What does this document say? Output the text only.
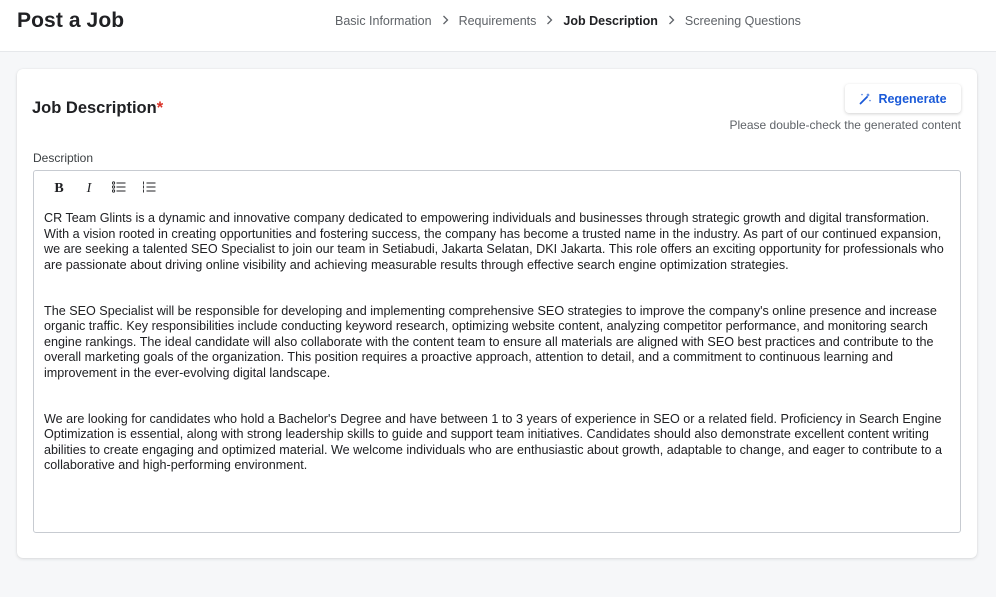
Post a Job	Basic Information Requirements Job Description Screening Questions
Job Description*
Regenerate
Please double-check the generated content
Description
B I

CR Team Glints is a dynamic and innovative company dedicated to empowering individuals and businesses through strategic growth and digital transformation. With a vision rooted in creating opportunities and fostering success, the company has become a trusted name in the industry. As part of our continued expansion, we are seeking a talented SEO Specialist to join our team in Setiabudi, Jakarta Selatan, DKI Jakarta. This role offers an exciting opportunity for professionals who are passionate about driving online visibility and achieving measurable results through effective search engine optimization strategies.

The SEO Specialist will be responsible for developing and implementing comprehensive SEO strategies to improve the company's online presence and increase organic traffic. Key responsibilities include conducting keyword research, optimizing website content, analyzing competitor performance, and monitoring search engine rankings. The ideal candidate will also collaborate with the content team to ensure all materials are aligned with SEO best practices and contribute to the overall marketing goals of the organization. This position requires a proactive approach, attention to detail, and a commitment to continuous learning and improvement in the ever-evolving digital landscape.

We are looking for candidates who hold a Bachelor's Degree and have between 1 to 3 years of experience in SEO or a related field. Proficiency in Search Engine Optimization is essential, along with strong leadership skills to guide and support team initiatives. Candidates should also demonstrate excellent content writing abilities to create engaging and optimized material. We welcome individuals who are enthusiastic about growth, adaptable to change, and eager to contribute to a collaborative and high-performing environment.
